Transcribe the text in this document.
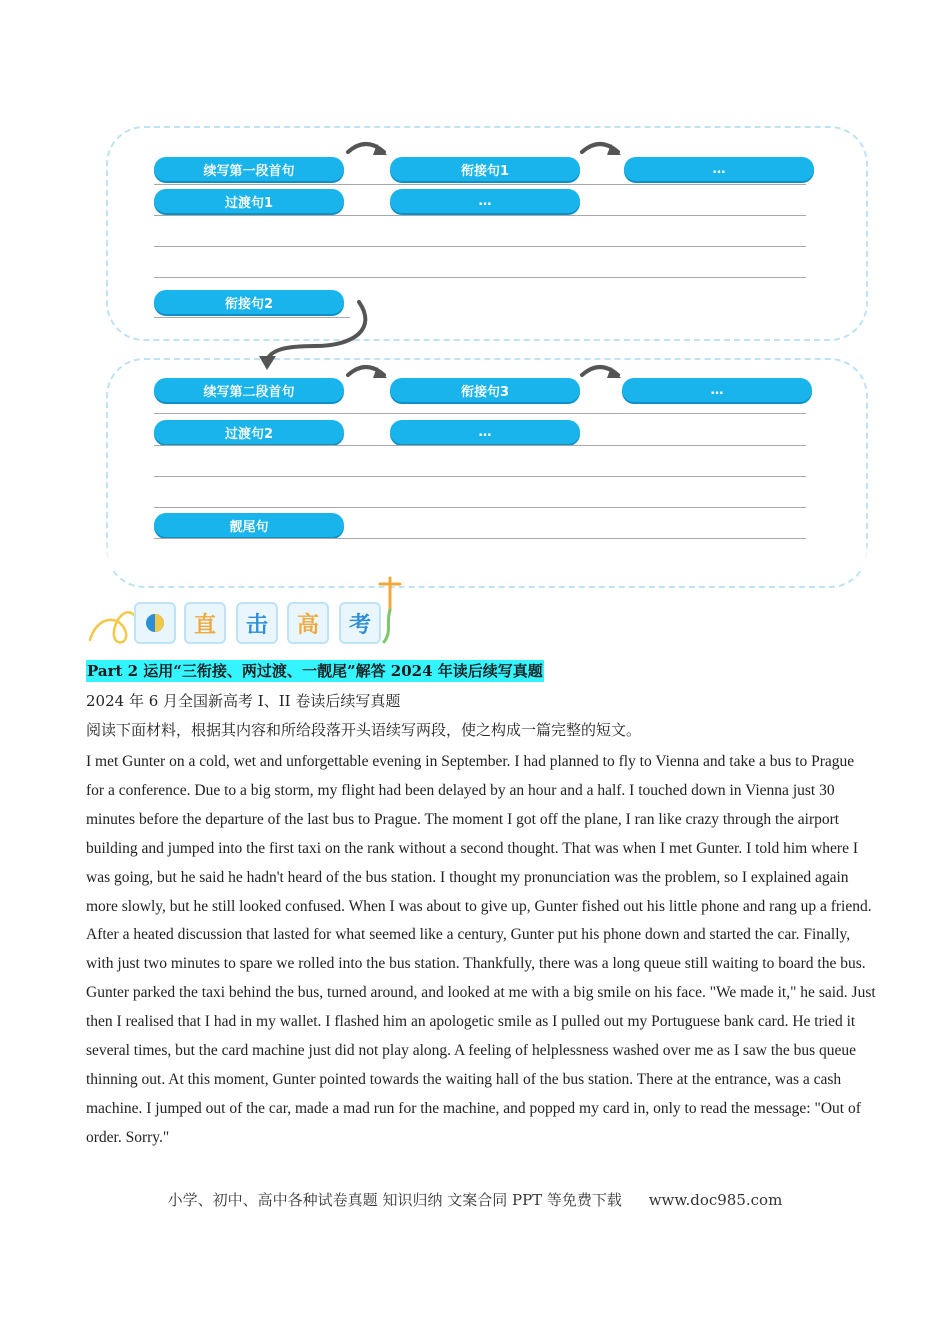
续写第一段首句	衔接句1	…
过渡句1	…
衔接句2
续写第二段首句	衔接句3	…
过渡句2	…
靓尾句
直	击	高	考
Part 2 运用“三衔接、两过渡、一靓尾”解答 2024 年读后续写真题
2024 年 6 月全国新高考 I、II 卷读后续写真题
阅读下面材料，根据其内容和所给段落开头语续写两段，使之构成一篇完整的短文。
I met Gunter on a cold, wet and unforgettable evening in September. I had planned to fly to Vienna and take a bus to Prague for a conference. Due to a big storm, my flight had been delayed by an hour and a half. I touched down in Vienna just 30 minutes before the departure of the last bus to Prague. The moment I got off the plane, I ran like crazy through the airport building and jumped into the first taxi on the rank without a second thought. That was when I met Gunter. I told him where I was going, but he said he hadn't heard of the bus station. I thought my pronunciation was the problem, so I explained again more slowly, but he still looked confused. When I was about to give up, Gunter fished out his little phone and rang up a friend. After a heated discussion that lasted for what seemed like a century, Gunter put his phone down and started the car. Finally, with just two minutes to spare we rolled into the bus station. Thankfully, there was a long queue still waiting to board the bus. Gunter parked the taxi behind the bus, turned around, and looked at me with a big smile on his face. "We made it," he said. Just then I realised that I had in my wallet. I flashed him an apologetic smile as I pulled out my Portuguese bank card. He tried it several times, but the card machine just did not play along. A feeling of helplessness washed over me as I saw the bus queue thinning out. At this moment, Gunter pointed towards the waiting hall of the bus station. There at the entrance, was a cash machine. I jumped out of the car, made a mad run for the machine, and popped my card in, only to read the message: "Out of order. Sorry."
小学、初中、高中各种试卷真题 知识归纳 文案合同 PPT 等免费下载 www.doc985.com
